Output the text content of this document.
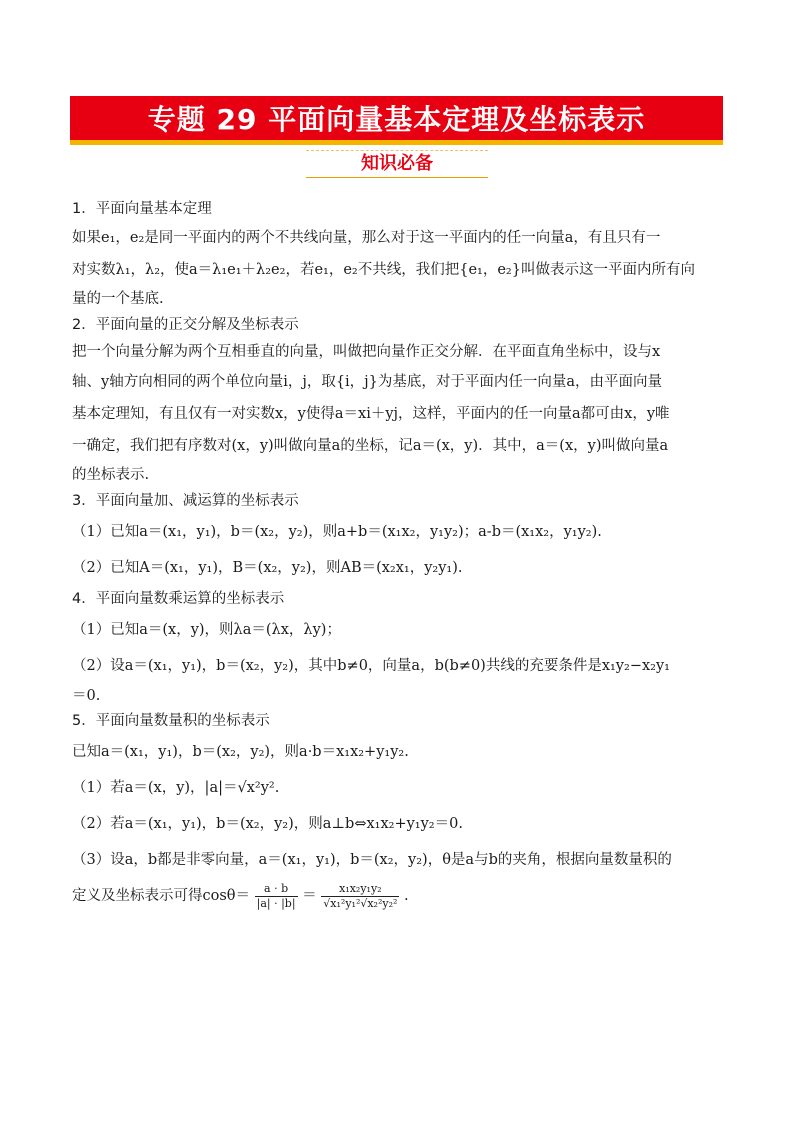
专题 29 平面向量基本定理及坐标表示
知识必备

1．平面向量基本定理

如果e₁，e₂是同一平面内的两个不共线向量，那么对于这一平面内的任一向量a，有且只有一

对实数λ₁，λ₂，使a＝λ₁e₁＋λ₂e₂，若e₁，e₂不共线，我们把{e₁，e₂}叫做表示这一平面内所有向

量的一个基底.

2．平面向量的正交分解及坐标表示

把一个向量分解为两个互相垂直的向量，叫做把向量作正交分解．在平面直角坐标中，设与x

轴、y轴方向相同的两个单位向量i，j，取{i，j}为基底，对于平面内任一向量a，由平面向量

基本定理知，有且仅有一对实数x，y使得a＝xi＋yj，这样，平面内的任一向量a都可由x，y唯

一确定，我们把有序数对(x，y)叫做向量a的坐标，记a＝(x，y)．其中，a＝(x，y)叫做向量a

的坐标表示.

3．平面向量加、减运算的坐标表示

（1）已知a＝(x₁，y₁)，b＝(x₂，y₂)，则a+b＝(x₁x₂，y₁y₂)；a-b＝(x₁x₂，y₁y₂).

（2）已知A＝(x₁，y₁)，B＝(x₂，y₂)，则AB＝(x₂x₁，y₂y₁).

4．平面向量数乘运算的坐标表示

（1）已知a＝(x，y)，则λa＝(λx，λy)；

（2）设a＝(x₁，y₁)，b＝(x₂，y₂)，其中b≠0，向量a，b(b≠0)共线的充要条件是x₁y₂−x₂y₁

＝0.

5．平面向量数量积的坐标表示

已知a＝(x₁，y₁)，b＝(x₂，y₂)，则a·b＝x₁x₂+y₁y₂.

（1）若a＝(x，y)，|a|＝√x²y².

（2）若a＝(x₁，y₁)，b＝(x₂，y₂)，则a⊥b⇔x₁x₂+y₁y₂＝0.

（3）设a，b都是非零向量，a＝(x₁，y₁)，b＝(x₂，y₂)，θ是a与b的夹角，根据向量数量积的

定义及坐标表示可得$\cos\theta= \frac{a \cdot b}{|a| \cdot |b|} = \frac{\text{x₁x₂y₁y₂}}{\text{√x₁²y₁²√x₂²y₂²}}$ .
